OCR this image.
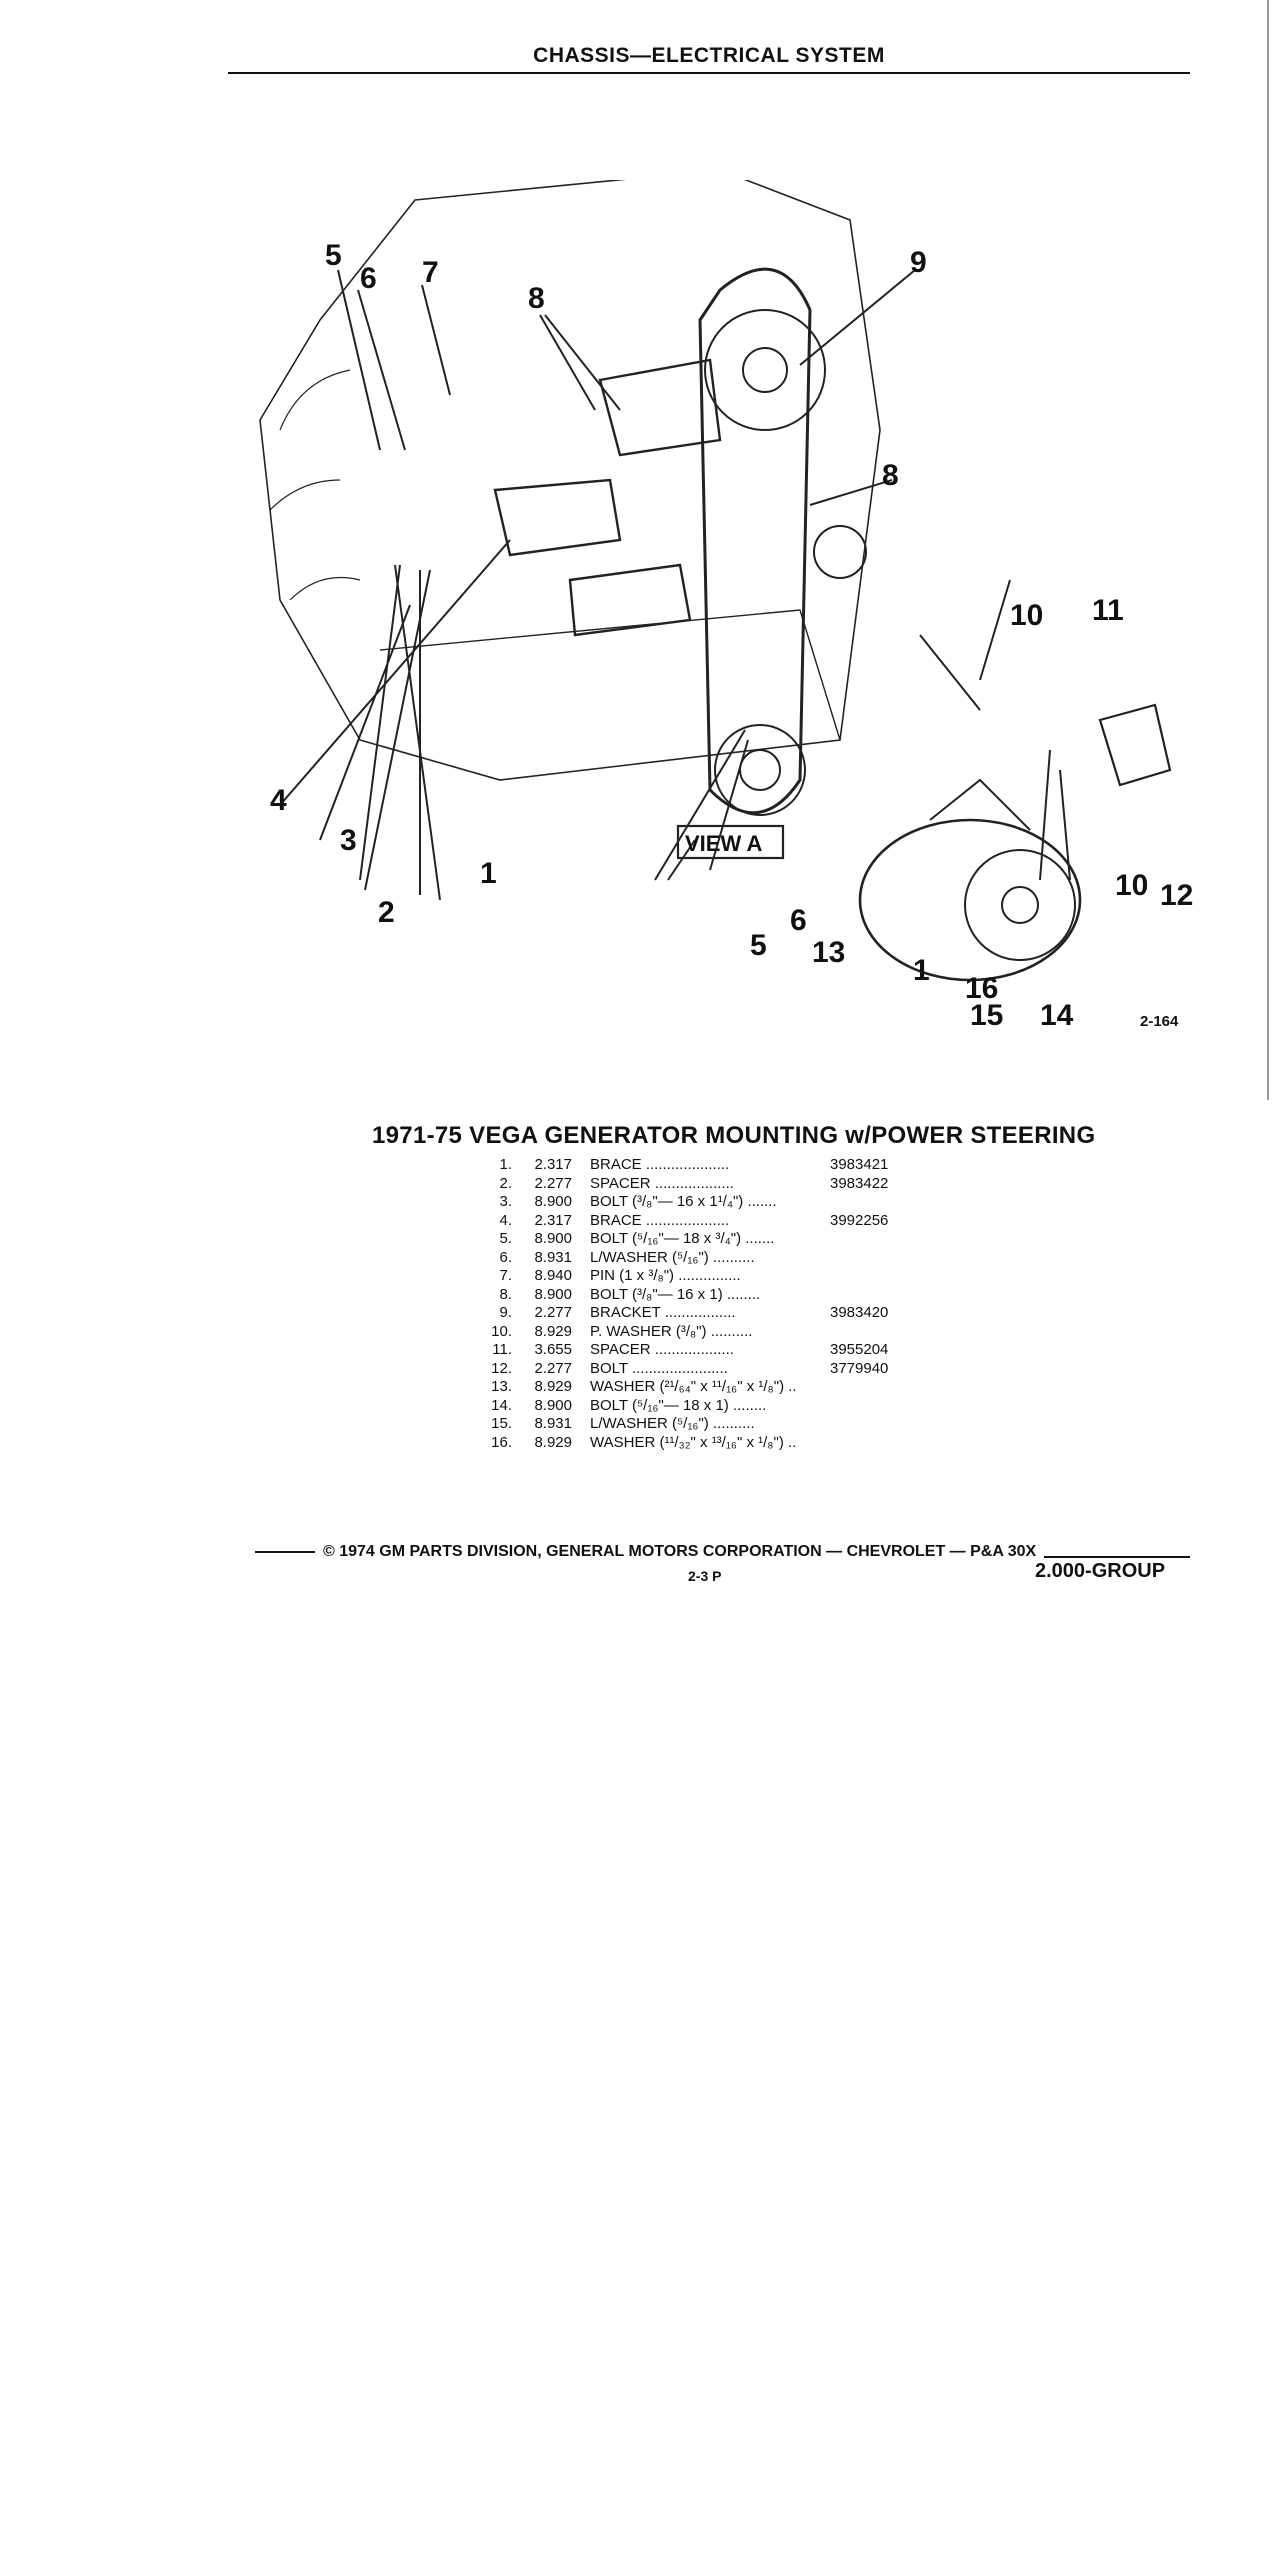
CHASSIS—ELECTRICAL SYSTEM
5
6 7
8
9
8
4
3
2
1
10 11
10 12
5
6
13
1
16
15 14
VIEW A
2-164
1971-75 VEGA GENERATOR MOUNTING w/POWER STEERING
1.	2.317 BRACE ....................	3983421
2.	2.277 SPACER ...................	3983422
3.	8.900 BOLT (³/₈"— 16 x 1¹/₄") .......
4.	2.317 BRACE ....................	3992256
5.	8.900 BOLT (⁵/₁₆"— 18 x ³/₄") .......
6.	8.931 L/WASHER (⁵/₁₆") ..........
7.	8.940 PIN (1 x ³/₈") ...............
8.	8.900 BOLT (³/₈"— 16 x 1) ........
9.	2.277 BRACKET .................	3983420
10.	8.929 P. WASHER (³/₈") ..........
11.	3.655 SPACER ...................	3955204
12.	2.277 BOLT .......................	3779940
13.	8.929 WASHER (²¹/₆₄" x ¹¹/₁₆" x ¹/₈") ..
14.	8.900 BOLT (⁵/₁₆"— 18 x 1) ........
15.	8.931 L/WASHER (⁵/₁₆") ..........
16.	8.929 WASHER (¹¹/₃₂" x ¹³/₁₆" x ¹/₈") ..
© 1974 GM PARTS DIVISION, GENERAL MOTORS CORPORATION — CHEVROLET — P&A 30X
2-3 P	2.000-GROUP
